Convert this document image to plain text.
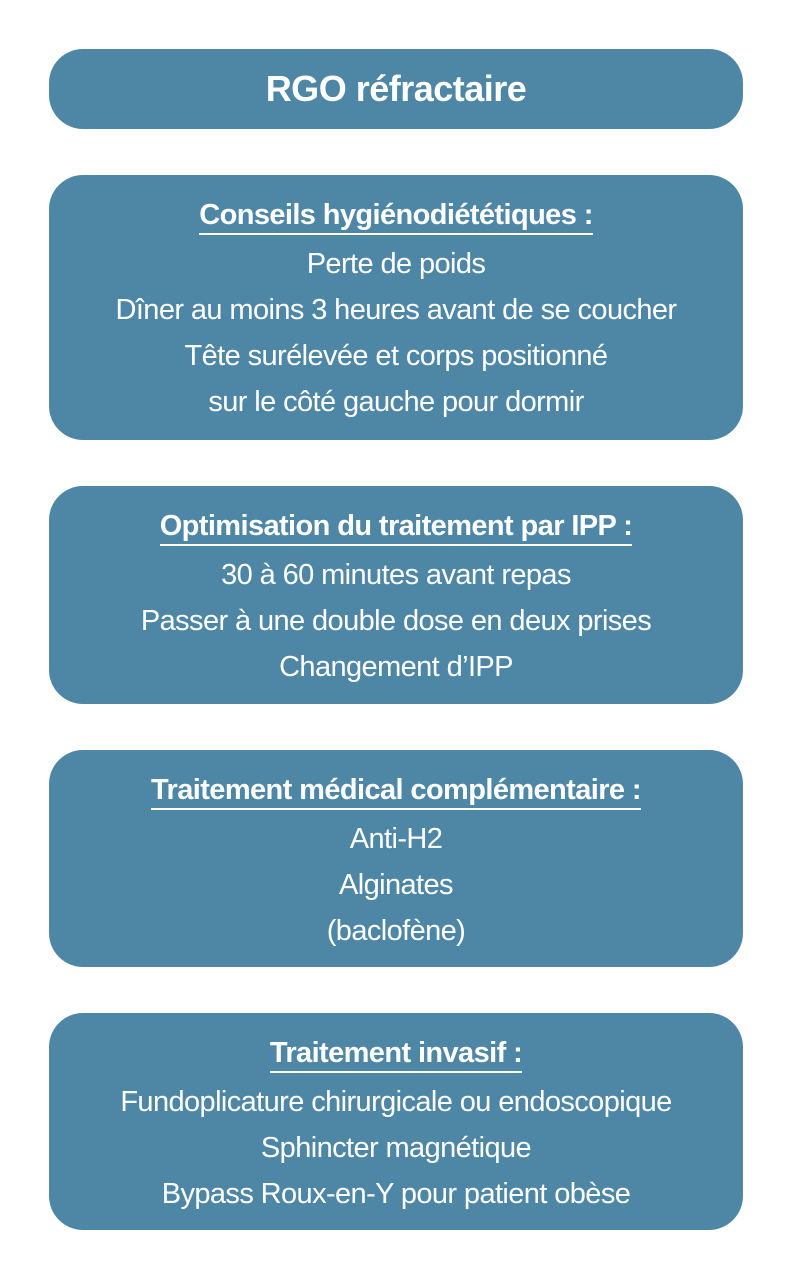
RGO réfractaire
Conseils hygiénodiététiques :
Perte de poids
Dîner au moins 3 heures avant de se coucher
Tête surélevée et corps positionné
sur le côté gauche pour dormir
Optimisation du traitement par IPP :
30 à 60 minutes avant repas
Passer à une double dose en deux prises
Changement d’IPP
Traitement médical complémentaire :
Anti-H2
Alginates
(baclofène)
Traitement invasif :
Fundoplicature chirurgicale ou endoscopique
Sphincter magnétique
Bypass Roux-en-Y pour patient obèse
